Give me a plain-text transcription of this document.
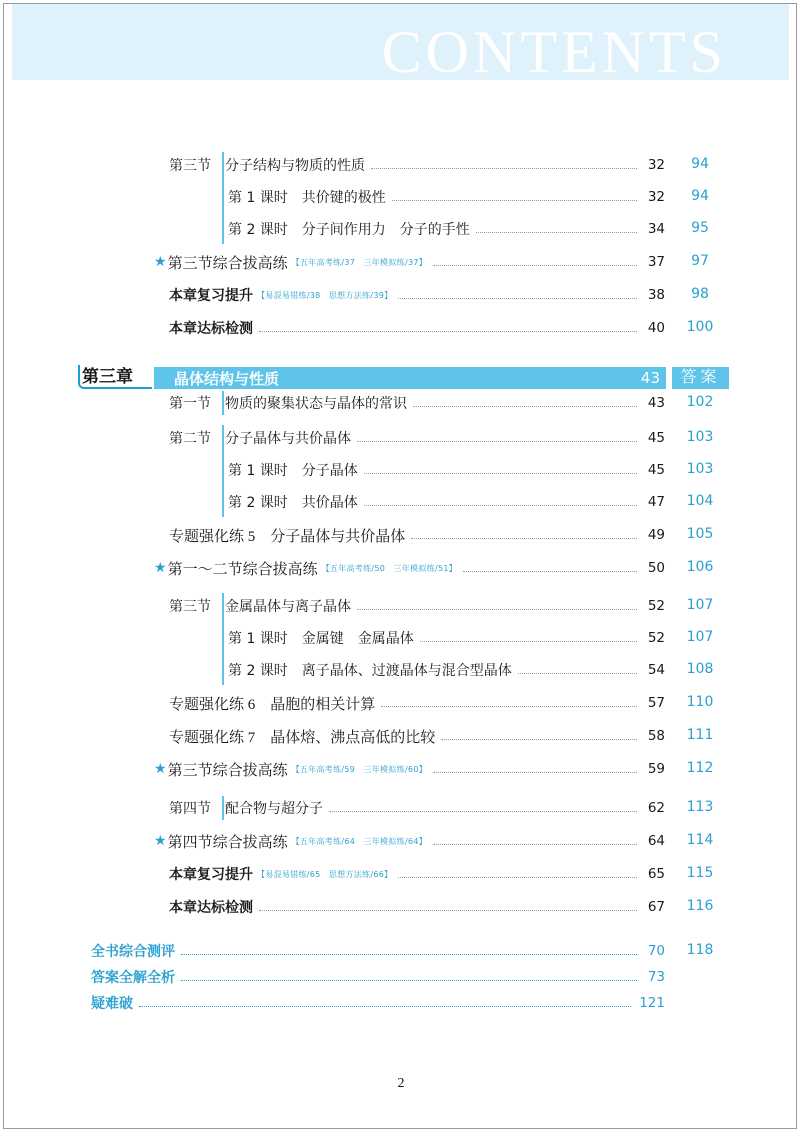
CONTENTS
第三节	分子结构与物质的性质	32	94
第 1 课时　共价键的极性	32	94
第 2 课时　分子间作用力　分子的手性	34	95
★ 第三节综合拔高练 【五年高考练/37　三年模拟练/37】	37	97
本章复习提升 【易混易错练/38　思想方法练/39】	38	98
本章达标检测	40	100
第三章	晶体结构与性质	43	答案
第一节	物质的聚集状态与晶体的常识	43	102
第二节	分子晶体与共价晶体	45	103
第 1 课时　分子晶体	45	103
第 2 课时　共价晶体	47	104
专题强化练 5　分子晶体与共价晶体	49	105
★ 第一～二节综合拔高练 【五年高考练/50　三年模拟练/51】	50	106
第三节	金属晶体与离子晶体	52	107
第 1 课时　金属键　金属晶体	52	107
第 2 课时　离子晶体、过渡晶体与混合型晶体	54	108
专题强化练 6　晶胞的相关计算	57	110
专题强化练 7　晶体熔、沸点高低的比较	58	111
★ 第三节综合拔高练 【五年高考练/59　三年模拟练/60】	59	112
第四节	配合物与超分子	62	113
★ 第四节综合拔高练 【五年高考练/64　三年模拟练/64】	64	114
本章复习提升 【易混易错练/65　思想方法练/66】	65	115
本章达标检测	67	116
全书综合测评	70	118
答案全解全析	73
疑难破	121
2
